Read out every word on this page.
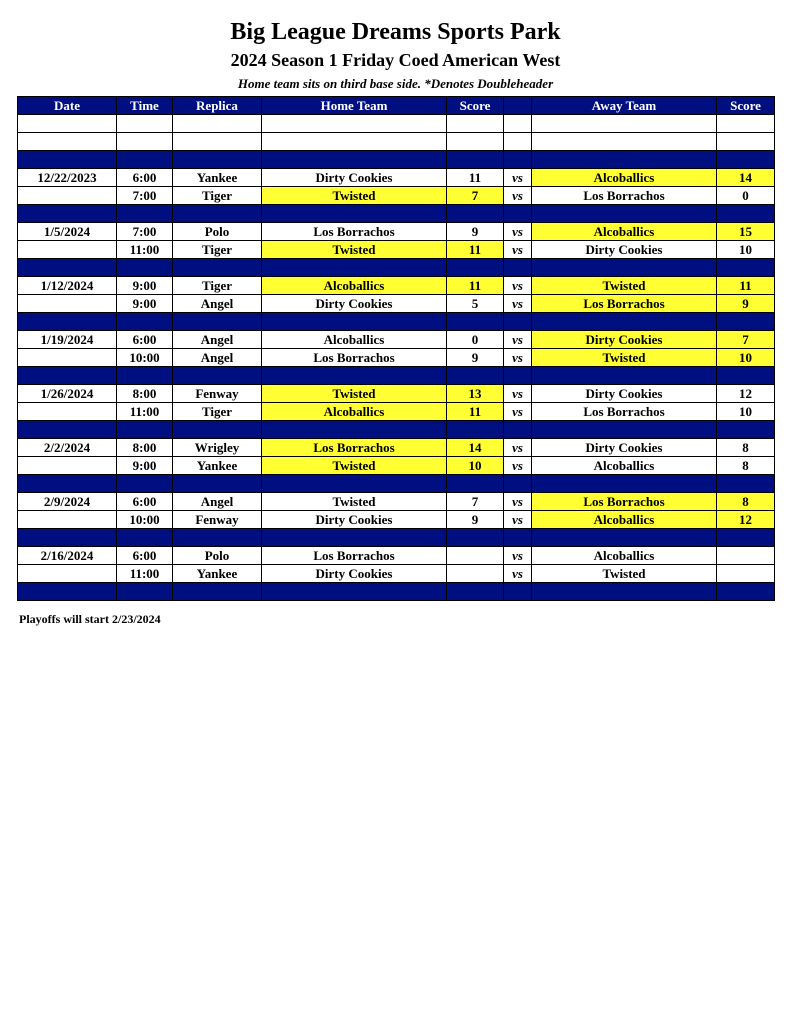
Big League Dreams Sports Park
2024 Season 1 Friday Coed American West
Home team sits on third base side. *Denotes Doubleheader
Date	Time	Replica	Home Team	Score		Away Team	Score

12/22/2023	6:00	Yankee	Dirty Cookies	11	vs	Alcoballics	14
	7:00	Tiger	Twisted	7	vs	Los Borrachos	0

1/5/2024	7:00	Polo	Los Borrachos	9	vs	Alcoballics	15
	11:00	Tiger	Twisted	11	vs	Dirty Cookies	10

1/12/2024	9:00	Tiger	Alcoballics	11	vs	Twisted	11
	9:00	Angel	Dirty Cookies	5	vs	Los Borrachos	9

1/19/2024	6:00	Angel	Alcoballics	0	vs	Dirty Cookies	7
	10:00	Angel	Los Borrachos	9	vs	Twisted	10

1/26/2024	8:00	Fenway	Twisted	13	vs	Dirty Cookies	12
	11:00	Tiger	Alcoballics	11	vs	Los Borrachos	10

2/2/2024	8:00	Wrigley	Los Borrachos	14	vs	Dirty Cookies	8
	9:00	Yankee	Twisted	10	vs	Alcoballics	8

2/9/2024	6:00	Angel	Twisted	7	vs	Los Borrachos	8
	10:00	Fenway	Dirty Cookies	9	vs	Alcoballics	12

2/16/2024	6:00	Polo	Los Borrachos		vs	Alcoballics	
	11:00	Yankee	Dirty Cookies		vs	Twisted	

Playoffs will start 2/23/2024
